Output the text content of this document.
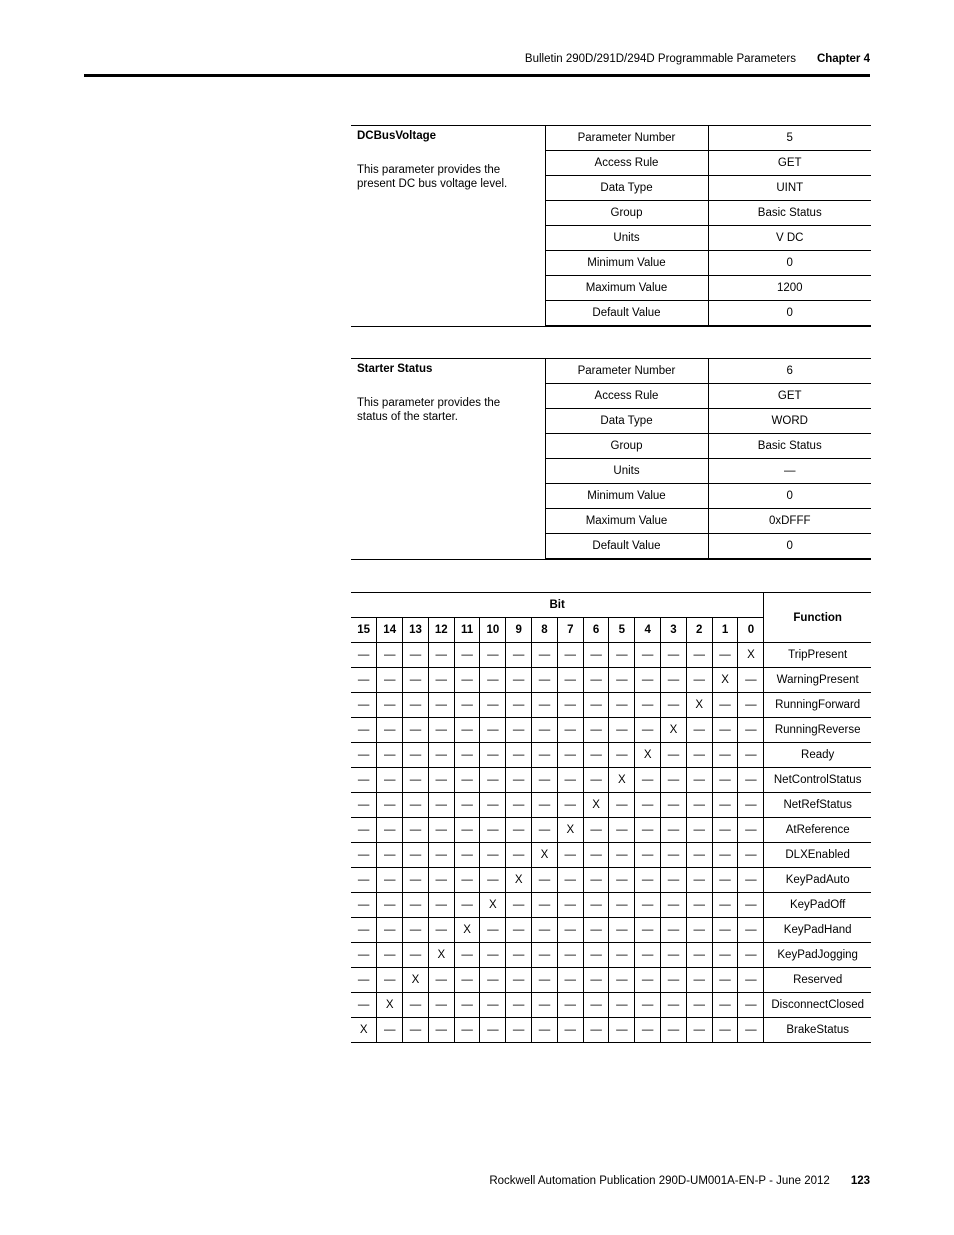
Bulletin 290D/291D/294D Programmable Parameters Chapter 4
DCBusVoltage
This parameter provides the present DC bus voltage level.	Parameter Number	5
	Access Rule	GET
	Data Type	UINT
	Group	Basic Status
	Units	V DC
	Minimum Value	0
	Maximum Value	1200
	Default Value	0
Starter Status
This parameter provides the status of the starter.	Parameter Number	6
	Access Rule	GET
	Data Type	WORD
	Group	Basic Status
	Units	—
	Minimum Value	0
	Maximum Value	0xDFFF
	Default Value	0
Bit																Function
15	14	13	12	11	10	9	8	7	6	5	4	3	2	1	0	
—	—	—	—	—	—	—	—	—	—	—	—	—	—	—	X	TripPresent
—	—	—	—	—	—	—	—	—	—	—	—	—	—	X	—	WarningPresent
—	—	—	—	—	—	—	—	—	—	—	—	—	X	—	—	RunningForward
—	—	—	—	—	—	—	—	—	—	—	—	X	—	—	—	RunningReverse
—	—	—	—	—	—	—	—	—	—	—	X	—	—	—	—	Ready
—	—	—	—	—	—	—	—	—	—	X	—	—	—	—	—	NetControlStatus
—	—	—	—	—	—	—	—	—	X	—	—	—	—	—	—	NetRefStatus
—	—	—	—	—	—	—	—	X	—	—	—	—	—	—	—	AtReference
—	—	—	—	—	—	—	X	—	—	—	—	—	—	—	—	DLXEnabled
—	—	—	—	—	—	X	—	—	—	—	—	—	—	—	—	KeyPadAuto
—	—	—	—	—	X	—	—	—	—	—	—	—	—	—	—	KeyPadOff
—	—	—	—	X	—	—	—	—	—	—	—	—	—	—	—	KeyPadHand
—	—	—	X	—	—	—	—	—	—	—	—	—	—	—	—	KeyPadJogging
—	—	X	—	—	—	—	—	—	—	—	—	—	—	—	—	Reserved
—	X	—	—	—	—	—	—	—	—	—	—	—	—	—	—	DisconnectClosed
X	—	—	—	—	—	—	—	—	—	—	—	—	—	—	—	BrakeStatus
Rockwell Automation Publication 290D-UM001A-EN-P - June 2012 123
